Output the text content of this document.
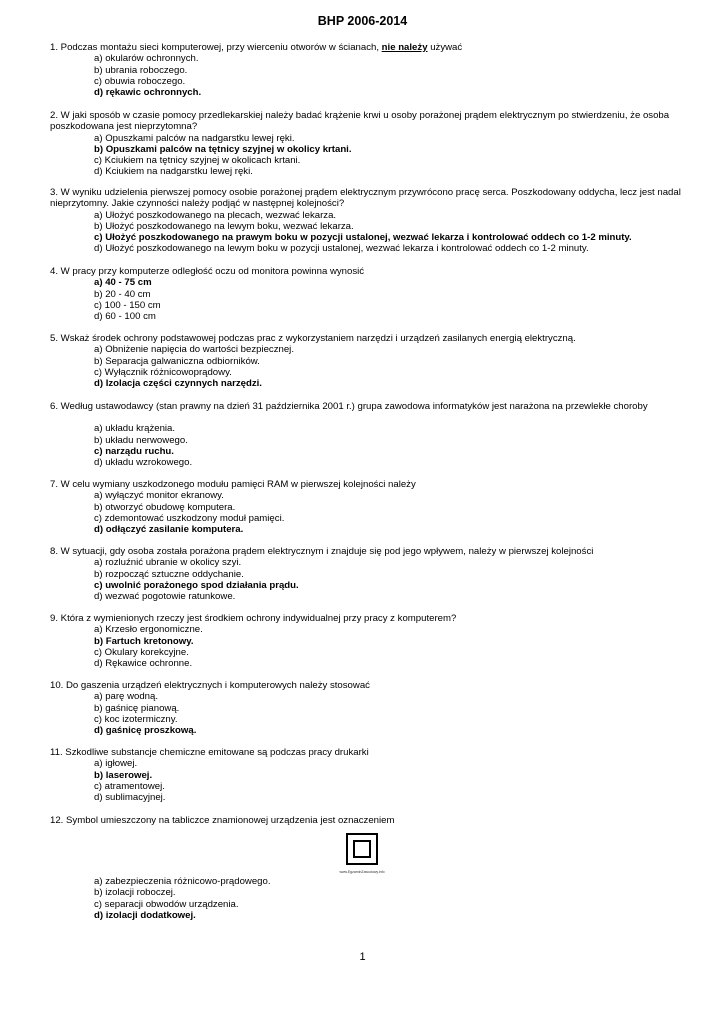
BHP 2006-2014

1. Podczas montażu sieci komputerowej, przy wierceniu otworów w ścianach, nie należy używać

a) okularów ochronnych.

b) ubrania roboczego.

c) obuwia roboczego.

d) rękawic ochronnych.

2. W jaki sposób w czasie pomocy przedlekarskiej należy badać krążenie krwi u osoby porażonej prądem elektrycznym po stwierdzeniu, że osoba poszkodowana jest nieprzytomna?

a) Opuszkami palców na nadgarstku lewej ręki.

b) Opuszkami palców na tętnicy szyjnej w okolicy krtani.

c) Kciukiem na tętnicy szyjnej w okolicach krtani.

d) Kciukiem na nadgarstku lewej ręki.

3. W wyniku udzielenia pierwszej pomocy osobie porażonej prądem elektrycznym przywrócono pracę serca. Poszkodowany oddycha, lecz jest nadal nieprzytomny. Jakie czynności należy podjąć w następnej kolejności?

a) Ułożyć poszkodowanego na plecach, wezwać lekarza.

b) Ułożyć poszkodowanego na lewym boku, wezwać lekarza.

c) Ułożyć poszkodowanego na prawym boku w pozycji ustalonej, wezwać lekarza i kontrolować oddech co 1-2 minuty.

d) Ułożyć poszkodowanego na lewym boku w pozycji ustalonej, wezwać lekarza i kontrolować oddech co 1-2 minuty.

4. W pracy przy komputerze odległość oczu od monitora powinna wynosić

a) 40 - 75 cm

b) 20 - 40 cm

c) 100 - 150 cm

d) 60 - 100 cm

5. Wskaż środek ochrony podstawowej podczas prac z wykorzystaniem narzędzi i urządzeń zasilanych energią elektryczną.

a) Obniżenie napięcia do wartości bezpiecznej.

b) Separacja galwaniczna odbiorników.

c) Wyłącznik różnicowoprądowy.

d) Izolacja części czynnych narzędzi.

6. Według ustawodawcy (stan prawny na dzień 31 października 2001 r.) grupa zawodowa informatyków jest narażona na przewlekłe choroby

a) układu krążenia.

b) układu nerwowego.

c) narządu ruchu.

d) układu wzrokowego.

7. W celu wymiany uszkodzonego modułu pamięci RAM w pierwszej kolejności należy

a) wyłączyć monitor ekranowy.

b) otworzyć obudowę komputera.

c) zdemontować uszkodzony moduł pamięci.

d) odłączyć zasilanie komputera.

8. W sytuacji, gdy osoba została porażona prądem elektrycznym i znajduje się pod jego wpływem, należy w pierwszej kolejności

a) rozluźnić ubranie w okolicy szyi.

b) rozpocząć sztuczne oddychanie.

c) uwolnić porażonego spod działania prądu.

d) wezwać pogotowie ratunkowe.

9. Która z wymienionych rzeczy jest środkiem ochrony indywidualnej przy pracy z komputerem?

a) Krzesło ergonomiczne.

b) Fartuch kretonowy.

c) Okulary korekcyjne.

d) Rękawice ochronne.

10. Do gaszenia urządzeń elektrycznych i komputerowych należy stosować

a) parę wodną.

b) gaśnicę pianową.

c) koc izotermiczny.

d) gaśnicę proszkową.

11. Szkodliwe substancje chemiczne emitowane są podczas pracy drukarki

a) igłowej.

b) laserowej.

c) atramentowej.

d) sublimacyjnej.

12. Symbol umieszczony na tabliczce znamionowej urządzenia jest oznaczeniem

www.EgzaminZawodowy.info

a) zabezpieczenia różnicowo-prądowego.

b) izolacji roboczej.

c) separacji obwodów urządzenia.

d) izolacji dodatkowej.

1
